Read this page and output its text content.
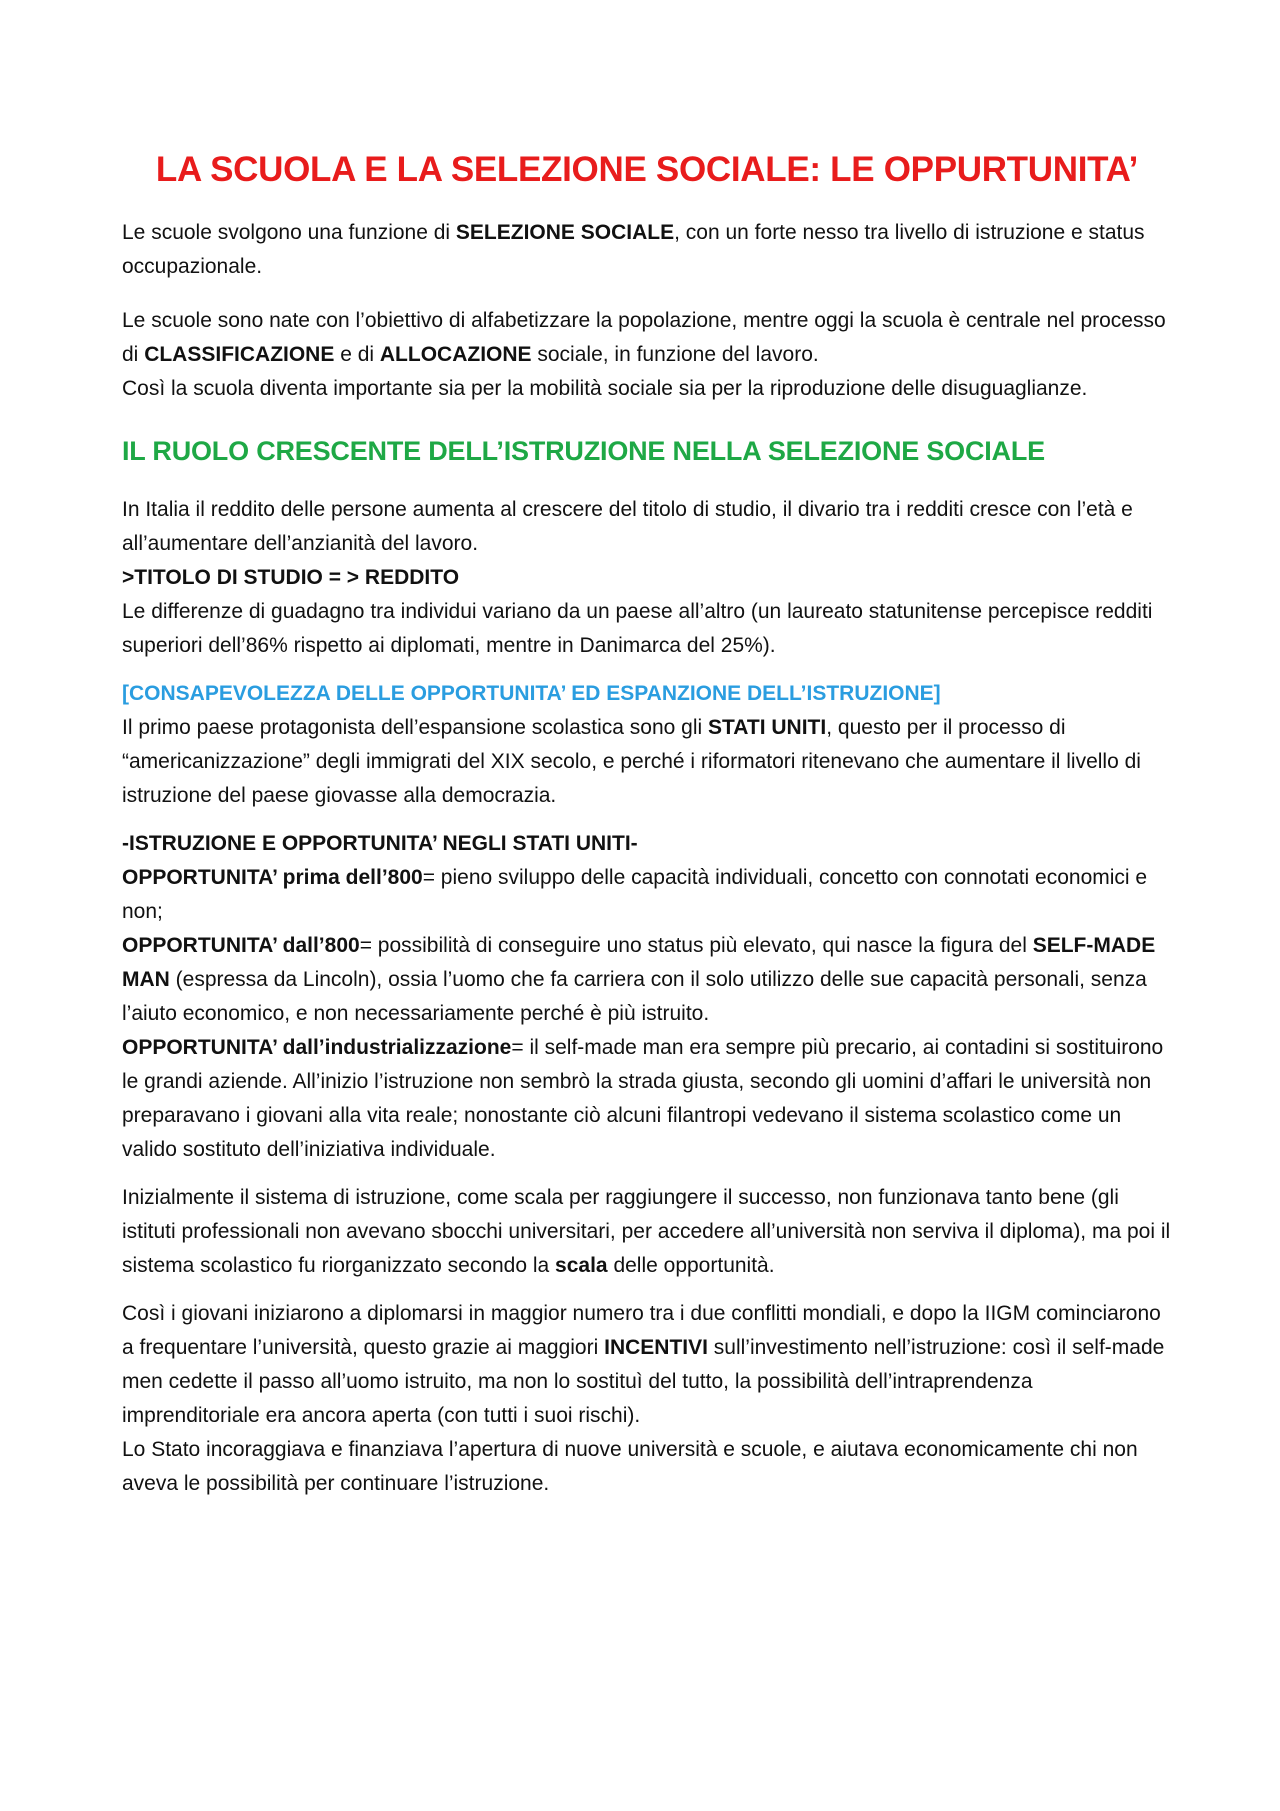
LA SCUOLA E LA SELEZIONE SOCIALE: LE OPPURTUNITA’

Le scuole svolgono una funzione di SELEZIONE SOCIALE, con un forte nesso tra livello di istruzione e status occupazionale.

Le scuole sono nate con l’obiettivo di alfabetizzare la popolazione, mentre oggi la scuola è centrale nel processo di CLASSIFICAZIONE e di ALLOCAZIONE sociale, in funzione del lavoro.
Così la scuola diventa importante sia per la mobilità sociale sia per la riproduzione delle disuguaglianze.

IL RUOLO CRESCENTE DELL’ISTRUZIONE NELLA SELEZIONE SOCIALE

In Italia il reddito delle persone aumenta al crescere del titolo di studio, il divario tra i redditi cresce con l’età e all’aumentare dell’anzianità del lavoro.
>TITOLO DI STUDIO = > REDDITO
Le differenze di guadagno tra individui variano da un paese all’altro (un laureato statunitense percepisce redditi superiori dell’86% rispetto ai diplomati, mentre in Danimarca del 25%).

[CONSAPEVOLEZZA DELLE OPPORTUNITA’ ED ESPANZIONE DELL’ISTRUZIONE]

Il primo paese protagonista dell’espansione scolastica sono gli STATI UNITI, questo per il processo di “americanizzazione” degli immigrati del XIX secolo, e perché i riformatori ritenevano che aumentare il livello di istruzione del paese giovasse alla democrazia.

-ISTRUZIONE E OPPORTUNITA’ NEGLI STATI UNITI-
OPPORTUNITA’ prima dell’800= pieno sviluppo delle capacità individuali, concetto con connotati economici e non;
OPPORTUNITA’ dall’800= possibilità di conseguire uno status più elevato, qui nasce la figura del SELF-MADE MAN (espressa da Lincoln), ossia l’uomo che fa carriera con il solo utilizzo delle sue capacità personali, senza l’aiuto economico, e non necessariamente perché è più istruito.
OPPORTUNITA’ dall’industrializzazione= il self-made man era sempre più precario, ai contadini si sostituirono le grandi aziende. All’inizio l’istruzione non sembrò la strada giusta, secondo gli uomini d’affari le università non preparavano i giovani alla vita reale; nonostante ciò alcuni filantropi vedevano il sistema scolastico come un valido sostituto dell’iniziativa individuale.

Inizialmente il sistema di istruzione, come scala per raggiungere il successo, non funzionava tanto bene (gli istituti professionali non avevano sbocchi universitari, per accedere all’università non serviva il diploma), ma poi il sistema scolastico fu riorganizzato secondo la scala delle opportunità.

Così i giovani iniziarono a diplomarsi in maggior numero tra i due conflitti mondiali, e dopo la IIGM cominciarono a frequentare l’università, questo grazie ai maggiori INCENTIVI sull’investimento nell’istruzione: così il self-made men cedette il passo all’uomo istruito, ma non lo sostituì del tutto, la possibilità dell’intraprendenza imprenditoriale era ancora aperta (con tutti i suoi rischi).
Lo Stato incoraggiava e finanziava l’apertura di nuove università e scuole, e aiutava economicamente chi non aveva le possibilità per continuare l’istruzione.
